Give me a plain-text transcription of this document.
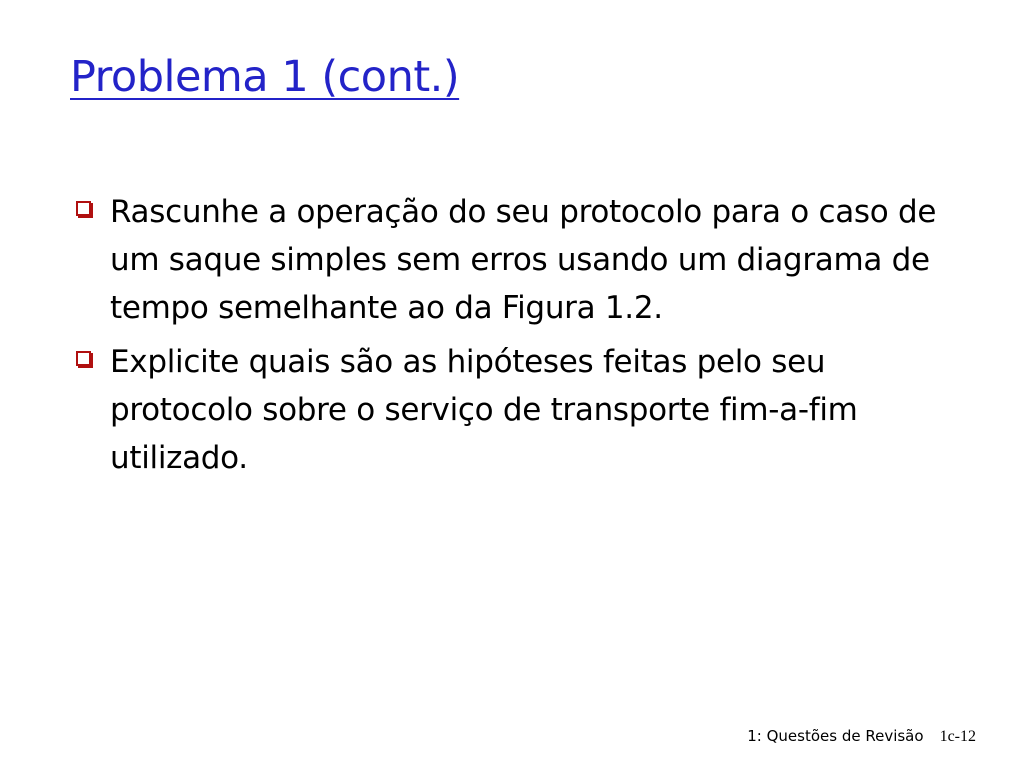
Problema 1 (cont.)
Rascunhe a operação do seu protocolo para o caso de um saque simples sem erros usando um diagrama de tempo semelhante ao da Figura 1.2.
Explicite quais são as hipóteses feitas pelo seu protocolo sobre o serviço de transporte fim-a-fim utilizado.
1: Questões de Revisão 1c-12
